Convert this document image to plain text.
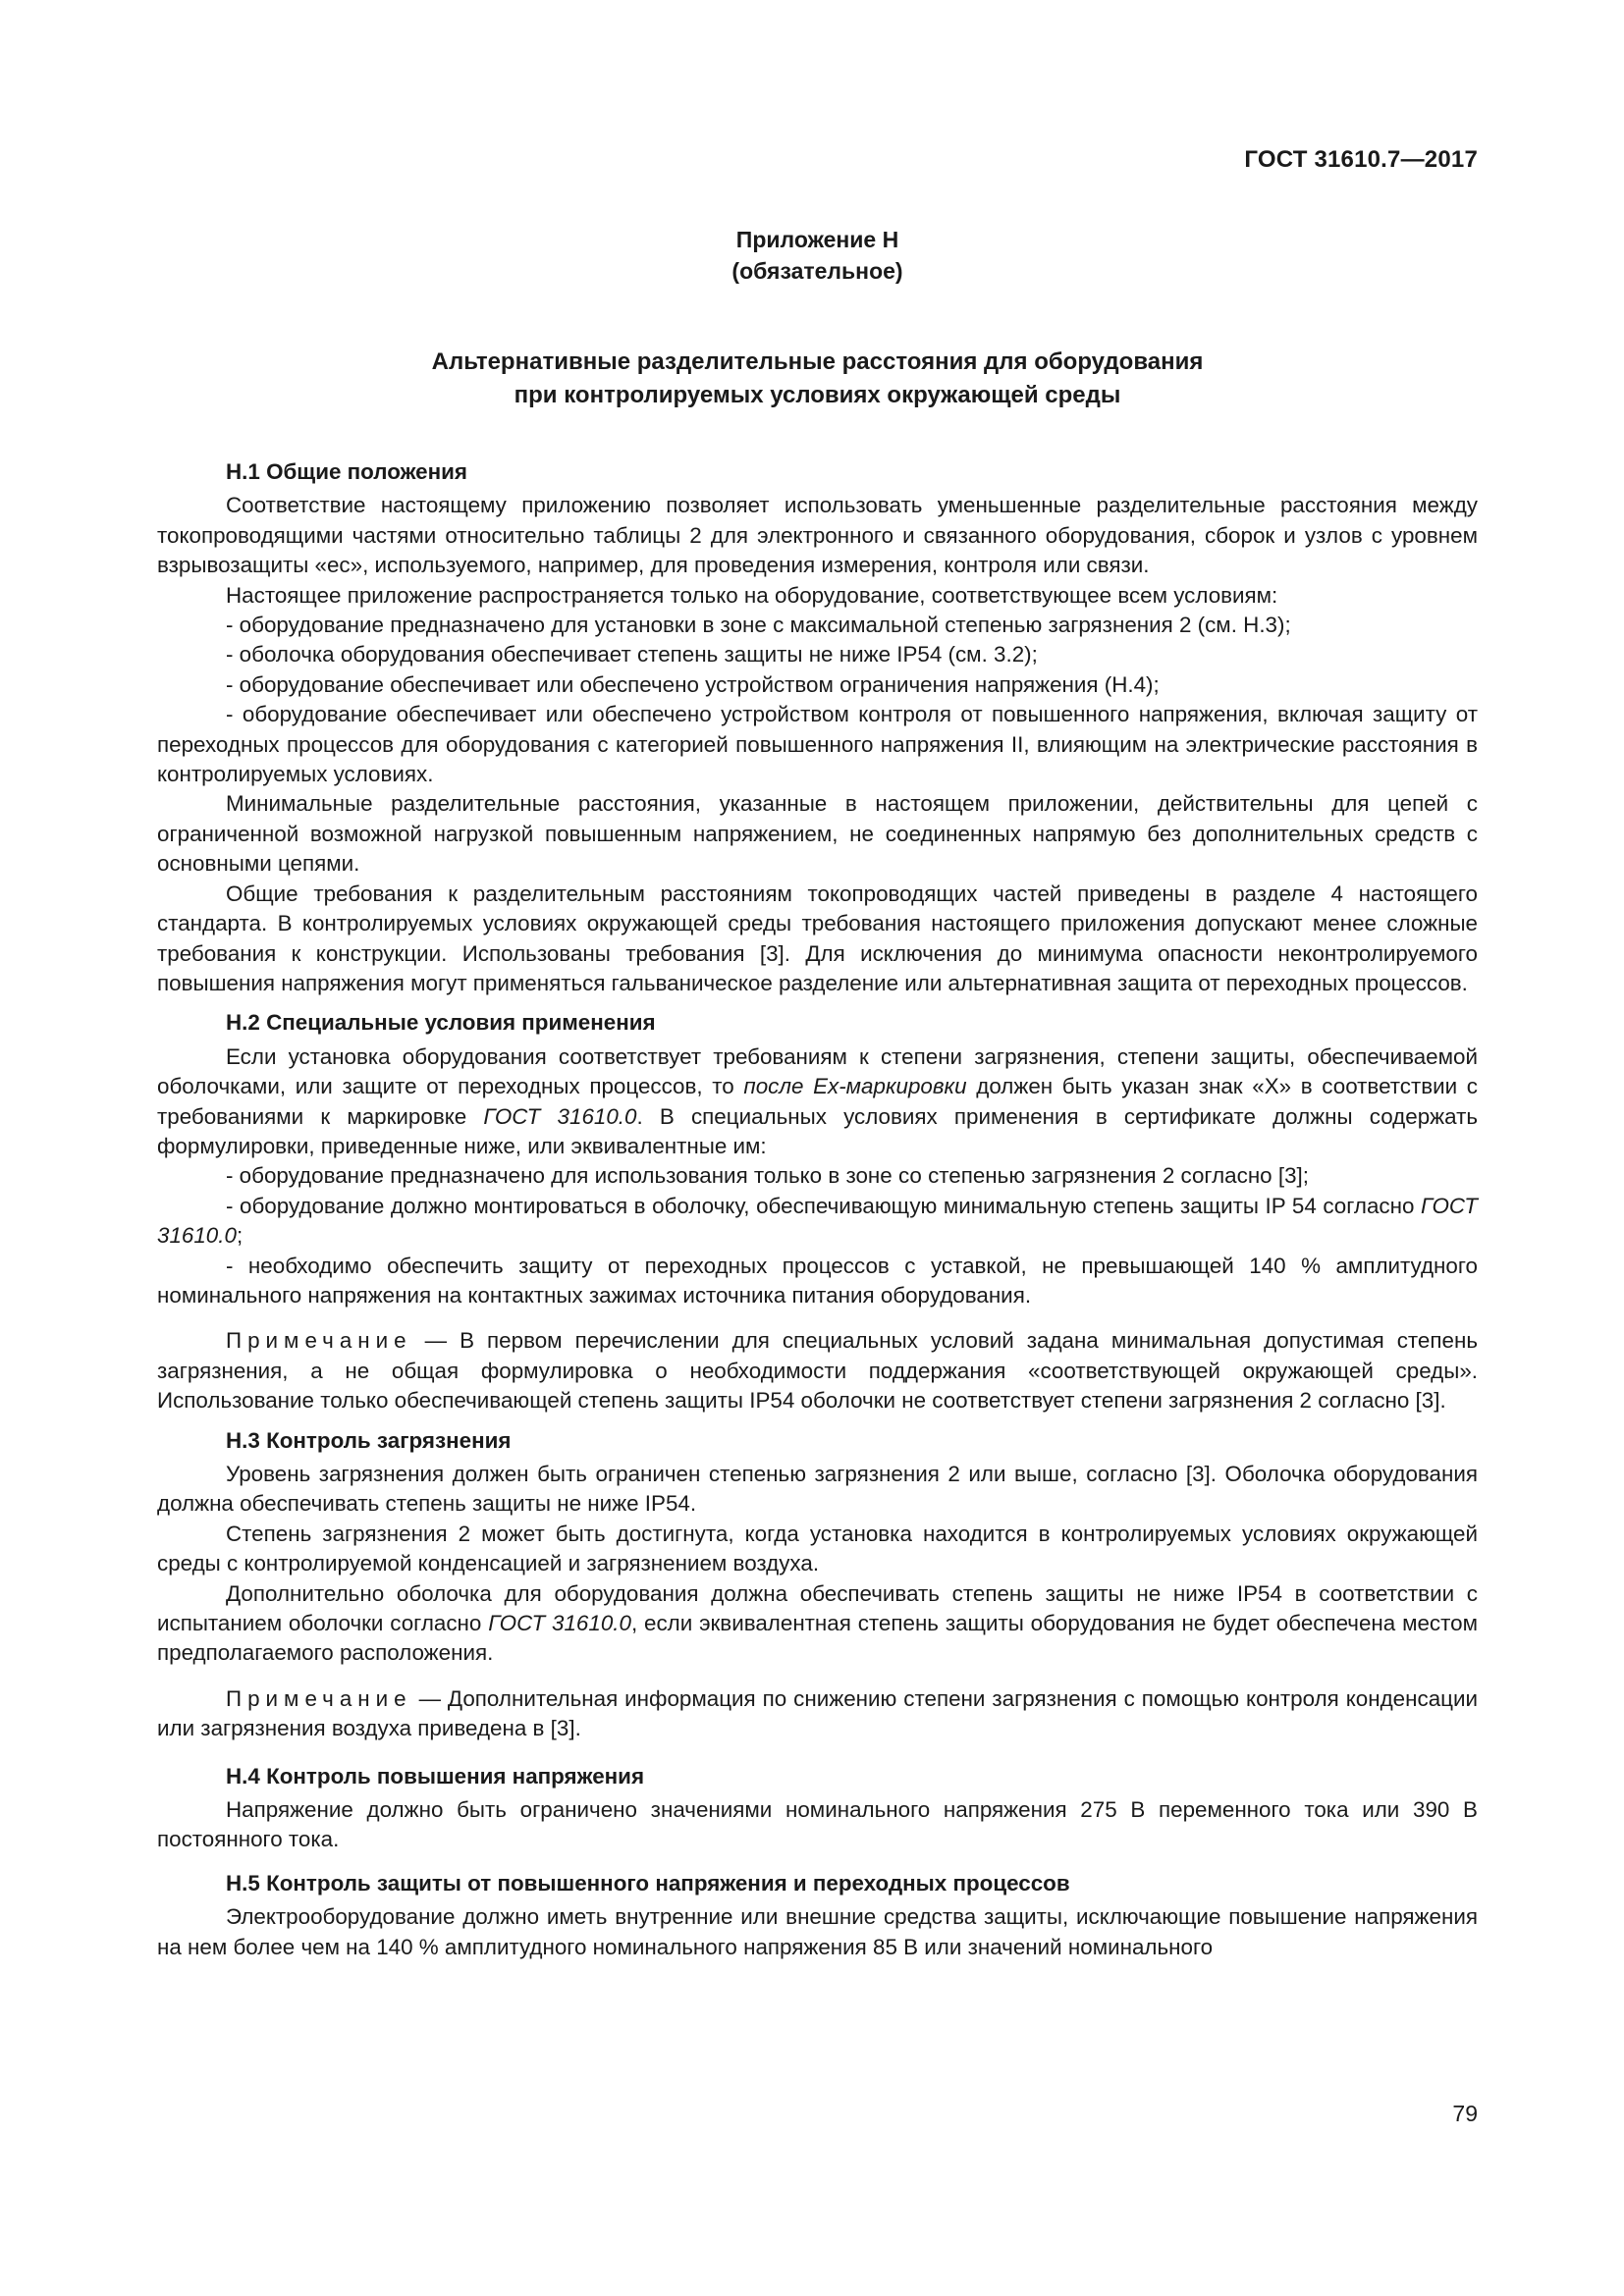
ГОСТ 31610.7—2017
Приложение Н
(обязательное)
Альтернативные разделительные расстояния для оборудования
при контролируемых условиях окружающей среды
Н.1 Общие положения

Соответствие настоящему приложению позволяет использовать уменьшенные разделительные расстояния между токопроводящими частями относительно таблицы 2 для электронного и связанного оборудования, сборок и узлов с уровнем взрывозащиты «ec», используемого, например, для проведения измерения, контроля или связи.

Настоящее приложение распространяется только на оборудование, соответствующее всем условиям:

- оборудование предназначено для установки в зоне с максимальной степенью загрязнения 2 (см. Н.3);

- оболочка оборудования обеспечивает степень защиты не ниже IP54 (см. 3.2);

- оборудование обеспечивает или обеспечено устройством ограничения напряжения (Н.4);

- оборудование обеспечивает или обеспечено устройством контроля от повышенного напряжения, включая защиту от переходных процессов для оборудования с категорией повышенного напряжения II, влияющим на электрические расстояния в контролируемых условиях.

Минимальные разделительные расстояния, указанные в настоящем приложении, действительны для цепей с ограниченной возможной нагрузкой повышенным напряжением, не соединенных напрямую без дополнительных средств с основными цепями.

Общие требования к разделительным расстояниям токопроводящих частей приведены в разделе 4 настоящего стандарта. В контролируемых условиях окружающей среды требования настоящего приложения допускают менее сложные требования к конструкции. Использованы требования [3]. Для исключения до минимума опасности неконтролируемого повышения напряжения могут применяться гальваническое разделение или альтернативная защита от переходных процессов.

Н.2 Специальные условия применения

Если установка оборудования соответствует требованиям к степени загрязнения, степени защиты, обеспечиваемой оболочками, или защите от переходных процессов, то после Ex-маркировки должен быть указан знак «Х» в соответствии с требованиями к маркировке ГОСТ 31610.0. В специальных условиях применения в сертификате должны содержать формулировки, приведенные ниже, или эквивалентные им:

- оборудование предназначено для использования только в зоне со степенью загрязнения 2 согласно [3];

- оборудование должно монтироваться в оболочку, обеспечивающую минимальную степень защиты IP 54 согласно ГОСТ 31610.0;

- необходимо обеспечить защиту от переходных процессов с уставкой, не превышающей 140 % амплитудного номинального напряжения на контактных зажимах источника питания оборудования.

Примечание — В первом перечислении для специальных условий задана минимальная допустимая степень загрязнения, а не общая формулировка о необходимости поддержания «соответствующей окружающей среды». Использование только обеспечивающей степень защиты IP54 оболочки не соответствует степени загрязнения 2 согласно [3].

Н.3 Контроль загрязнения

Уровень загрязнения должен быть ограничен степенью загрязнения 2 или выше, согласно [3]. Оболочка оборудования должна обеспечивать степень защиты не ниже IP54.

Степень загрязнения 2 может быть достигнута, когда установка находится в контролируемых условиях окружающей среды с контролируемой конденсацией и загрязнением воздуха.

Дополнительно оболочка для оборудования должна обеспечивать степень защиты не ниже IP54 в соответствии с испытанием оболочки согласно ГОСТ 31610.0, если эквивалентная степень защиты оборудования не будет обеспечена местом предполагаемого расположения.

Примечание — Дополнительная информация по снижению степени загрязнения с помощью контроля конденсации или загрязнения воздуха приведена в [3].

Н.4 Контроль повышения напряжения

Напряжение должно быть ограничено значениями номинального напряжения 275 В переменного тока или 390 В постоянного тока.

Н.5 Контроль защиты от повышенного напряжения и переходных процессов

Электрооборудование должно иметь внутренние или внешние средства защиты, исключающие повышение напряжения на нем более чем на 140 % амплитудного номинального напряжения 85 В или значений номинального

79
